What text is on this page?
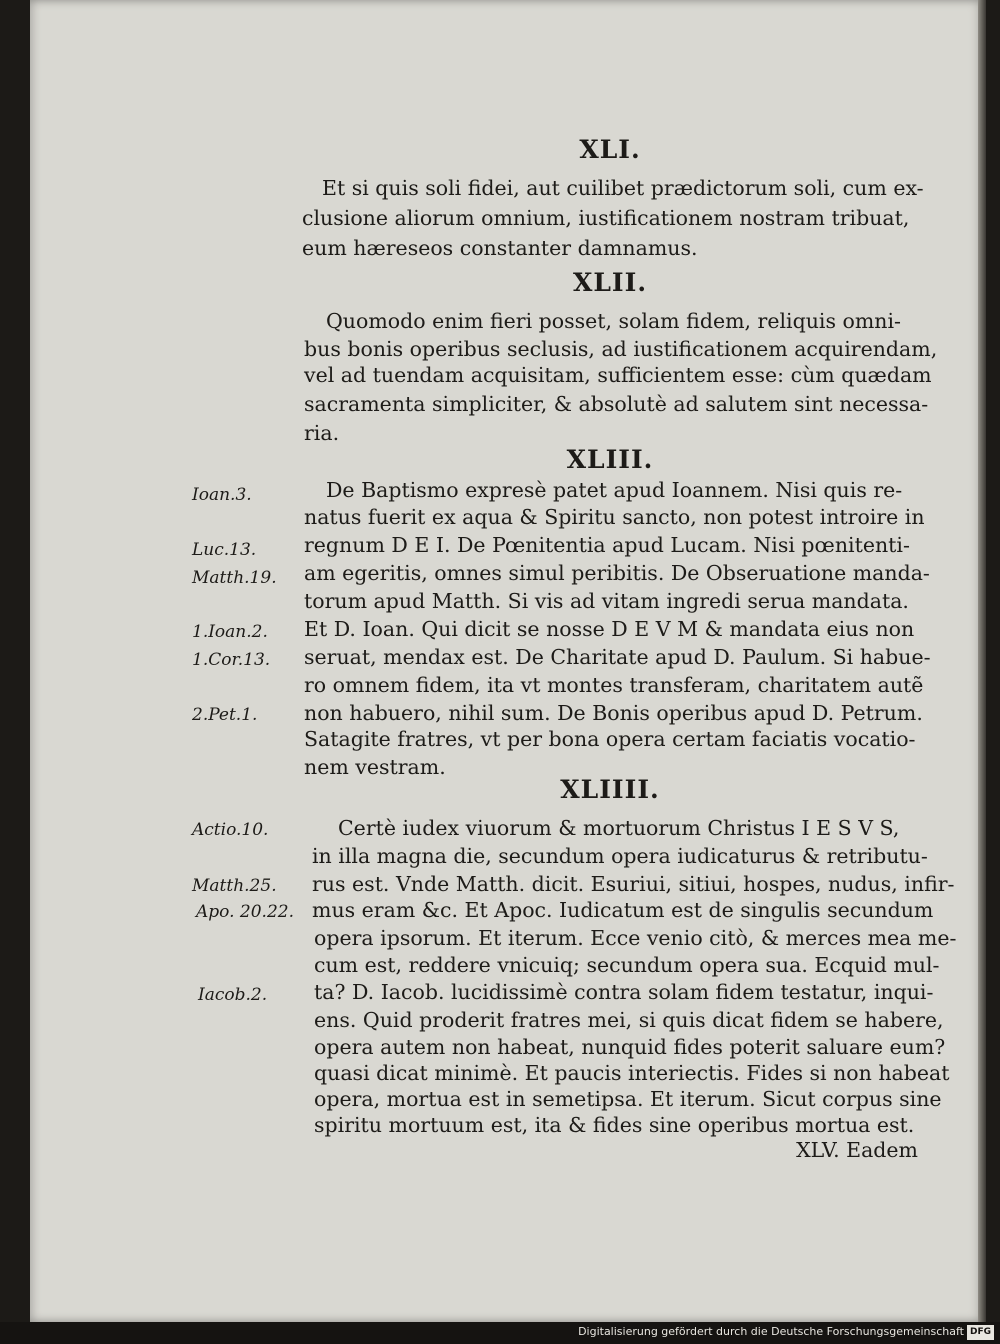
XLI.
Et si quis soli fidei, aut cuilibet prædictorum soli, cum ex-
clusione aliorum omnium, iustificationem nostram tribuat,
eum hæreseos constanter damnamus.
XLII.
Quomodo enim fieri posset, solam fidem, reliquis omni-
bus bonis operibus seclusis, ad iustificationem acquirendam,
vel ad tuendam acquisitam, sufficientem esse: cùm quædam
sacramenta simpliciter, & absolutè ad salutem sint necessa-
ria.
XLIII.
De Baptismo expresè patet apud Ioannem. Nisi quis re-
natus fuerit ex aqua & Spiritu sancto, non potest introire in
regnum D E I. De Pœnitentia apud Lucam. Nisi pœnitenti-
am egeritis, omnes simul peribitis. De Obseruatione manda-
torum apud Matth. Si vis ad vitam ingredi serua mandata.
Et D. Ioan. Qui dicit se nosse D E V M & mandata eius non
seruat, mendax est. De Charitate apud D. Paulum. Si habue-
ro omnem fidem, ita vt montes transferam, charitatem autẽ
non habuero, nihil sum. De Bonis operibus apud D. Petrum.
Satagite fratres, vt per bona opera certam faciatis vocatio-
nem vestram.
XLIIII.
Certè iudex viuorum & mortuorum Christus I E S V S,
in illa magna die, secundum opera iudicaturus & retributu-
rus est. Vnde Matth. dicit. Esuriui, sitiui, hospes, nudus, infir-
mus eram &c. Et Apoc. Iudicatum est de singulis secundum
opera ipsorum. Et iterum. Ecce venio citò, & merces mea me-
cum est, reddere vnicuiq; secundum opera sua. Ecquid mul-
ta? D. Iacob. lucidissimè contra solam fidem testatur, inqui-
ens. Quid proderit fratres mei, si quis dicat fidem se habere,
opera autem non habeat, nunquid fides poterit saluare eum?
quasi dicat minimè. Et paucis interiectis. Fides si non habeat
opera, mortua est in semetipsa. Et iterum. Sicut corpus sine
spiritu mortuum est, ita & fides sine operibus mortua est.
Ioan.3.
Luc.13.
Matth.19.
1.Ioan.2.
1.Cor.13.
2.Pet.1.
Actio.10.
Matth.25.
Apo. 20.22.
Iacob.2.
XLV. Eadem
Digitalisierung gefördert durch die Deutsche Forschungsgemeinschaft DFG
